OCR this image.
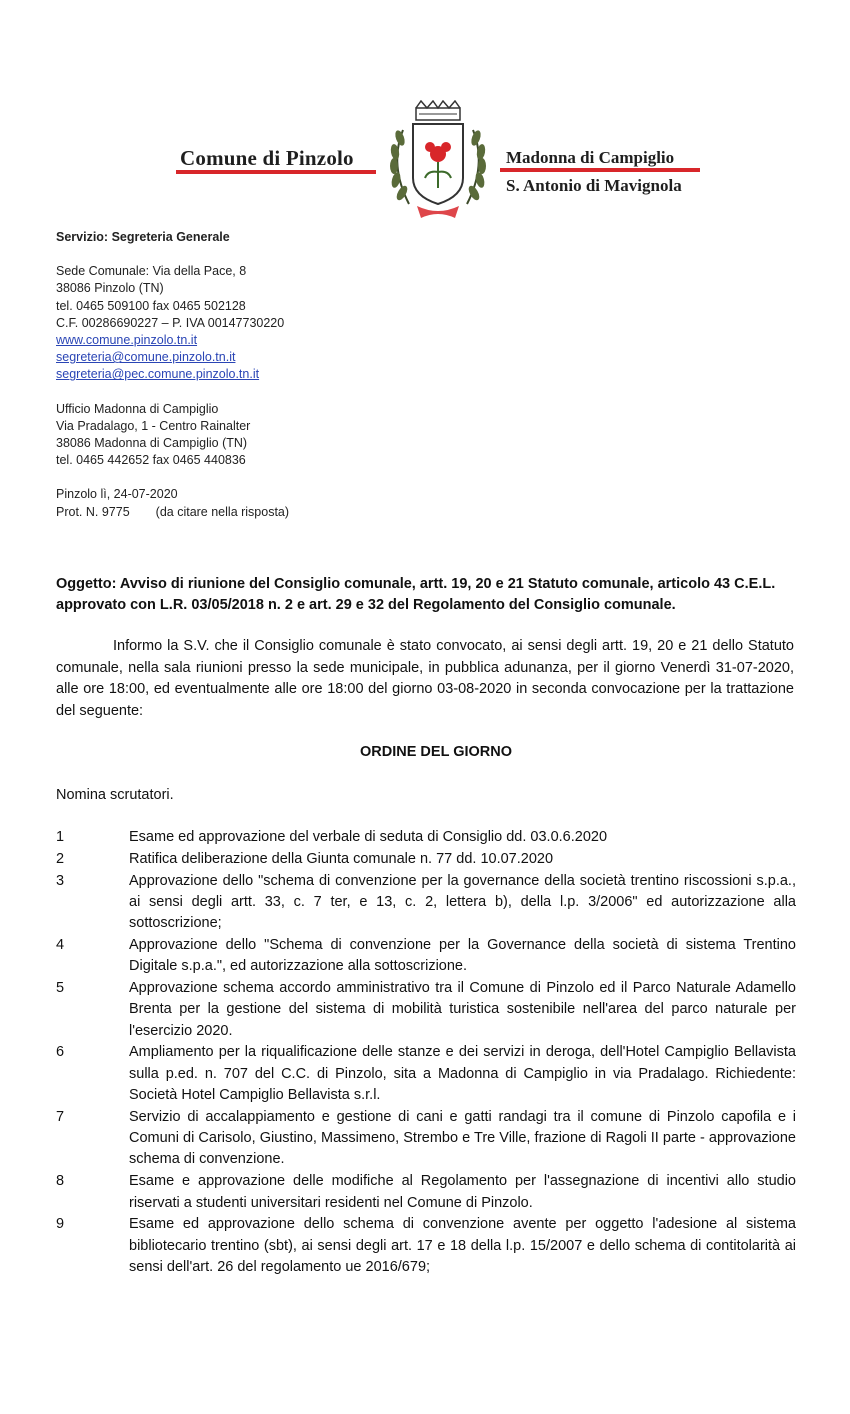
Comune di Pinzolo	Madonna di Campiglio
S. Antonio di Mavignola
Servizio: Segreteria Generale
Sede Comunale: Via della Pace, 8
38086 Pinzolo (TN)
tel. 0465 509100 fax 0465 502128
C.F. 00286690227 – P. IVA 00147730220
www.comune.pinzolo.tn.it
segreteria@comune.pinzolo.tn.it
segreteria@pec.comune.pinzolo.tn.it
Ufficio Madonna di Campiglio
Via Pradalago, 1 - Centro Rainalter
38086 Madonna di Campiglio (TN)
tel. 0465 442652 fax 0465 440836
Pinzolo lì, 24-07-2020
Prot. N. 9775 (da citare nella risposta)
Oggetto: Avviso di riunione del Consiglio comunale, artt. 19, 20 e 21 Statuto comunale, articolo 43 C.E.L. approvato con L.R. 03/05/2018 n. 2 e art. 29 e 32 del Regolamento del Consiglio comunale.
Informo la S.V. che il Consiglio comunale è stato convocato, ai sensi degli artt. 19, 20 e 21 dello Statuto comunale, nella sala riunioni presso la sede municipale, in pubblica adunanza, per il giorno Venerdì 31-07-2020, alle ore 18:00, ed eventualmente alle ore 18:00 del giorno 03-08-2020 in seconda convocazione per la trattazione del seguente:
ORDINE DEL GIORNO
Nomina scrutatori.
1	Esame ed approvazione del verbale di seduta di Consiglio dd. 03.0.6.2020
2	Ratifica deliberazione della Giunta comunale n. 77 dd. 10.07.2020
3	Approvazione dello "schema di convenzione per la governance della società trentino riscossioni s.p.a., ai sensi degli artt. 33, c. 7 ter, e 13, c. 2, lettera b), della l.p. 3/2006" ed autorizzazione alla sottoscrizione;
4	Approvazione dello "Schema di convenzione per la Governance della società di sistema Trentino Digitale s.p.a.", ed autorizzazione alla sottoscrizione.
5	Approvazione schema accordo amministrativo tra il Comune di Pinzolo ed il Parco Naturale Adamello Brenta per la gestione del sistema di mobilità turistica sostenibile nell'area del parco naturale per l'esercizio 2020.
6	Ampliamento per la riqualificazione delle stanze e dei servizi in deroga, dell'Hotel Campiglio Bellavista sulla p.ed. n. 707 del C.C. di Pinzolo, sita a Madonna di Campiglio in via Pradalago. Richiedente: Società Hotel Campiglio Bellavista s.r.l.
7	Servizio di accalappiamento e gestione di cani e gatti randagi tra il comune di Pinzolo capofila e i Comuni di Carisolo, Giustino, Massimeno, Strembo e Tre Ville, frazione di Ragoli II parte - approvazione schema di convenzione.
8	Esame e approvazione delle modifiche al Regolamento per l'assegnazione di incentivi allo studio riservati a studenti universitari residenti nel Comune di Pinzolo.
9	Esame ed approvazione dello schema di convenzione avente per oggetto l'adesione al sistema bibliotecario trentino (sbt), ai sensi degli art. 17 e 18 della l.p. 15/2007 e dello schema di contitolarità ai sensi dell'art. 26 del regolamento ue 2016/679;
